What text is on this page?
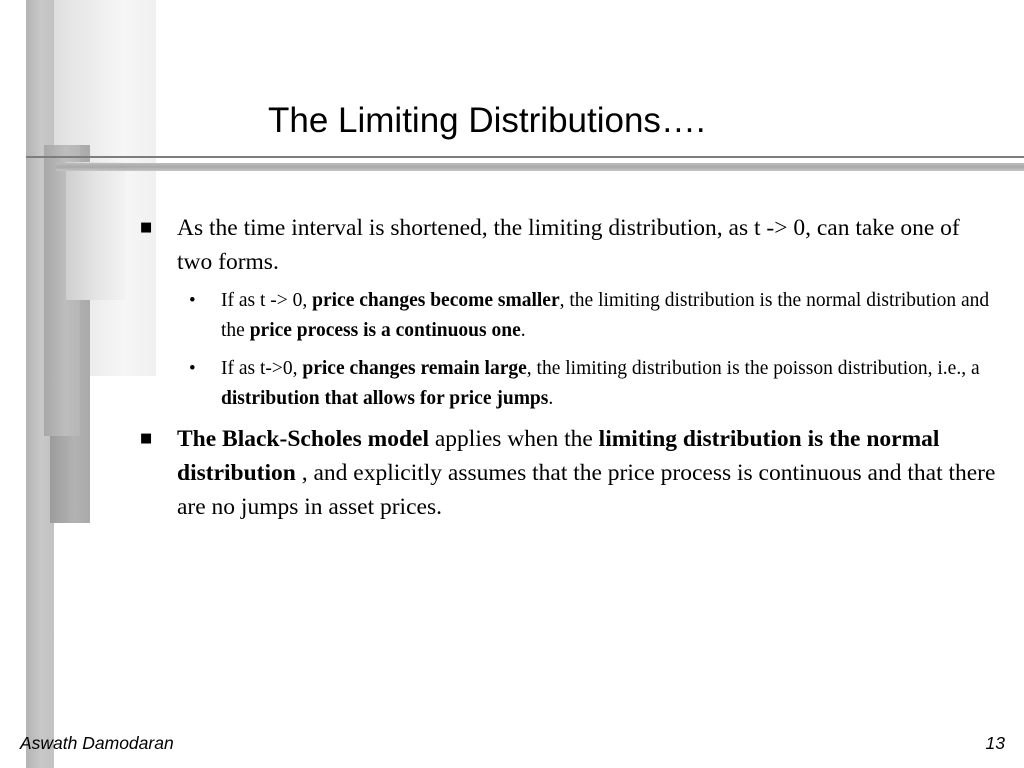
The Limiting Distributions….
■ As the time interval is shortened, the limiting distribution, as t -> 0, can take one of two forms.
• If as t -> 0, price changes become smaller, the limiting distribution is the normal distribution and the price process is a continuous one.
• If as t->0, price changes remain large, the limiting distribution is the poisson distribution, i.e., a distribution that allows for price jumps.
■ The Black-Scholes model applies when the limiting distribution is the normal distribution , and explicitly assumes that the price process is continuous and that there are no jumps in asset prices.
Aswath Damodaran	13
